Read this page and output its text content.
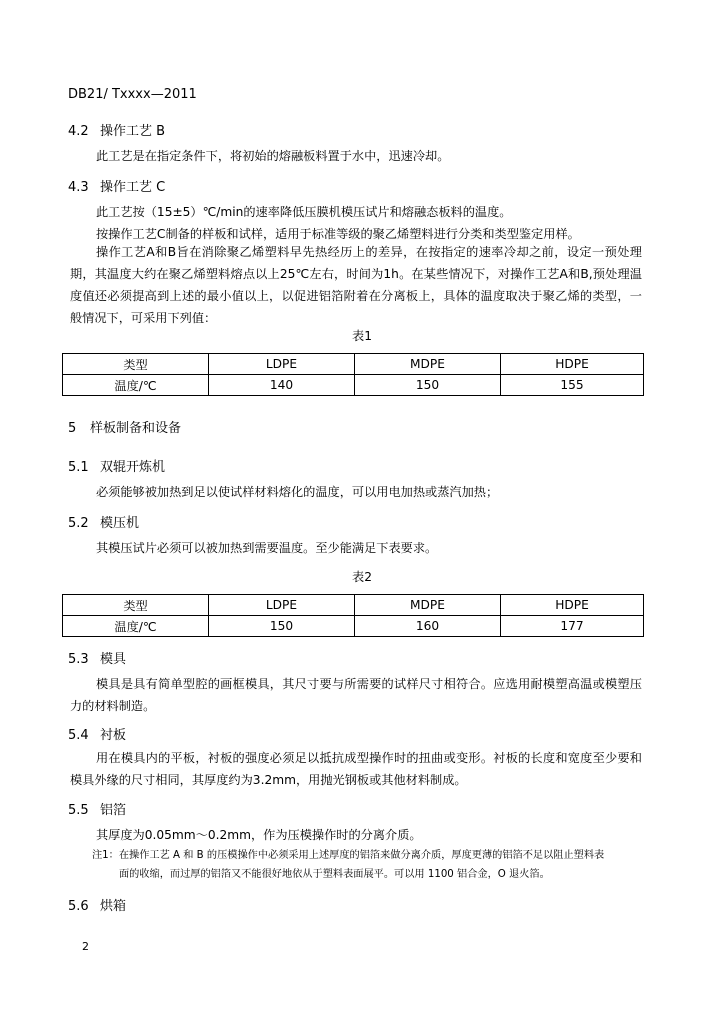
DB21/ Txxxx—2011
4.2 操作工艺 B
此工艺是在指定条件下，将初始的熔融板料置于水中，迅速冷却。
4.3 操作工艺 C
此工艺按（15±5）℃/min的速率降低压膜机模压试片和熔融态板料的温度。
按操作工艺C制备的样板和试样，适用于标准等级的聚乙烯塑料进行分类和类型鉴定用样。
操作工艺A和B旨在消除聚乙烯塑料早先热经历上的差异，在按指定的速率冷却之前，设定一预处理期，其温度大约在聚乙烯塑料熔点以上25℃左右，时间为1h。在某些情况下，对操作工艺A和B,预处理温度值还必须提高到上述的最小值以上，以促进铝箔附着在分离板上，具体的温度取决于聚乙烯的类型，一般情况下，可采用下列值：
表1
类型	LDPE	MDPE	HDPE
温度/℃	140	150	155
5 样板制备和设备
5.1 双辊开炼机
必须能够被加热到足以使试样材料熔化的温度，可以用电加热或蒸汽加热；
5.2 模压机
其模压试片必须可以被加热到需要温度。至少能满足下表要求。
表2
类型	LDPE	MDPE	HDPE
温度/℃	150	160	177
5.3 模具
模具是具有简单型腔的画框模具，其尺寸要与所需要的试样尺寸相符合。应选用耐模塑高温或模塑压力的材料制造。
5.4 衬板
用在模具内的平板，衬板的强度必须足以抵抗成型操作时的扭曲或变形。衬板的长度和宽度至少要和模具外缘的尺寸相同，其厚度约为3.2mm，用抛光钢板或其他材料制成。
5.5 铝箔
其厚度为0.05mm～0.2mm，作为压模操作时的分离介质。
注1：在操作工艺 A 和 B 的压模操作中必须采用上述厚度的铝箔来做分离介质，厚度更薄的铝箔不足以阻止塑料表
面的收缩，而过厚的铝箔又不能很好地依从于塑料表面展平。可以用 1100 铝合金，O 退火箔。
5.6 烘箱
2
